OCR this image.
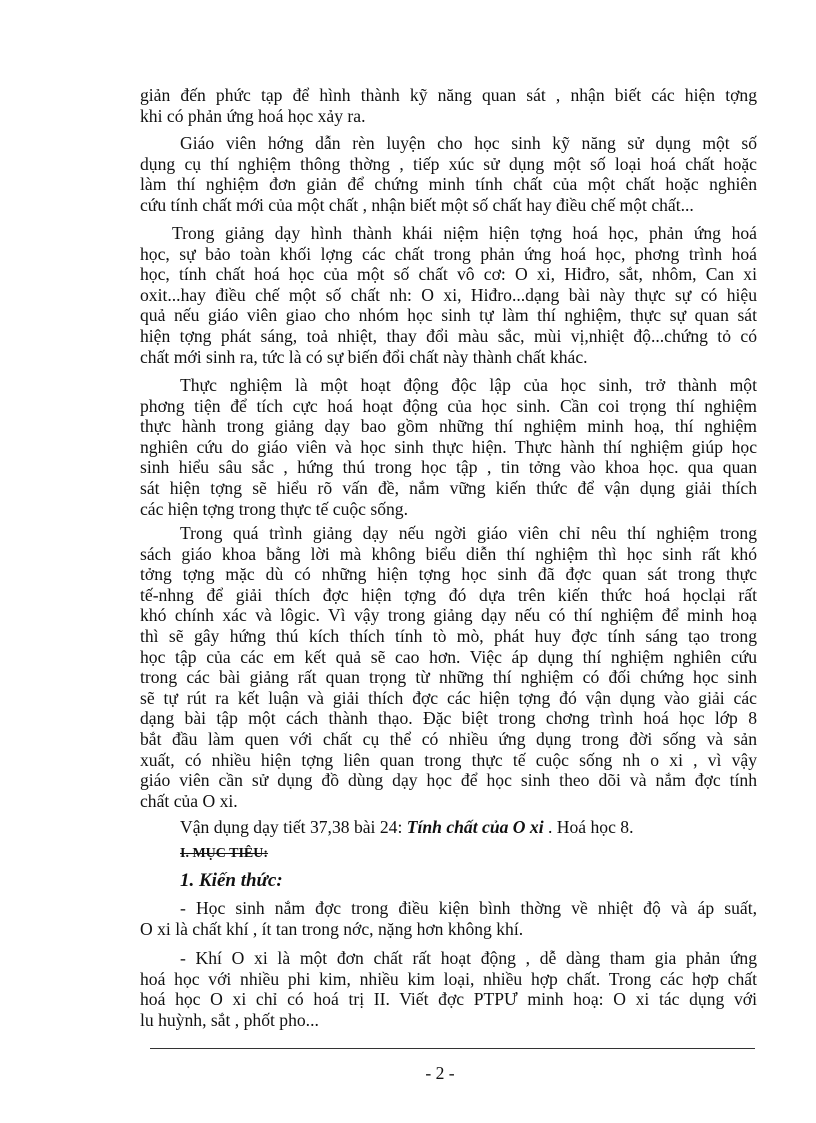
giản đến phức tạp để hình thành kỹ năng quan sát , nhận biết các hiện tợng
khi có phản ứng hoá học xảy ra.
Giáo viên hớng dẫn rèn luyện cho học sinh kỹ năng sử dụng một số
dụng cụ thí nghiệm thông thờng , tiếp xúc sử dụng một số loại hoá chất hoặc
làm thí nghiệm đơn giản để chứng minh tính chất của một chất hoặc nghiên
cứu tính chất mới của một chất , nhận biết một số chất hay điều chế một chất...
Trong giảng dạy hình thành khái niệm hiện tợng hoá học, phản ứng hoá
học, sự bảo toàn khối lợng các chất trong phản ứng hoá học, phơng trình hoá
học, tính chất hoá học của một số chất vô cơ: O xi, Hiđro, sắt, nhôm, Can xi
oxit...hay điều chế một số chất nh: O xi, Hiđro...dạng bài này thực sự có hiệu
quả nếu giáo viên giao cho nhóm học sinh tự làm thí nghiệm, thực sự quan sát
hiện tợng phát sáng, toả nhiệt, thay đổi màu sắc, mùi vị,nhiệt độ...chứng tỏ có
chất mới sinh ra, tức là có sự biến đổi chất này thành chất khác.
Thực nghiệm là một hoạt động độc lập của học sinh, trở thành một
phơng tiện để tích cực hoá hoạt động của học sinh. Cần coi trọng thí nghiệm
thực hành trong giảng dạy bao gồm những thí nghiệm minh hoạ, thí nghiệm
nghiên cứu do giáo viên và học sinh thực hiện. Thực hành thí nghiệm giúp học
sinh hiểu sâu sắc , hứng thú trong học tập , tin tởng vào khoa học. qua quan
sát hiện tợng sẽ hiểu rõ vấn đề, nắm vững kiến thức để vận dụng giải thích
các hiện tợng trong thực tế cuộc sống.
Trong quá trình giảng dạy nếu ngời giáo viên chỉ nêu thí nghiệm trong
sách giáo khoa bằng lời mà không biểu diễn thí nghiệm thì học sinh rất khó
tởng tợng mặc dù có những hiện tợng học sinh đã đợc quan sát trong thực
tế-nhng để giải thích đợc hiện tợng đó dựa trên kiến thức hoá họclại rất
khó chính xác và lôgic. Vì vậy trong giảng dạy nếu có thí nghiệm để minh hoạ
thì sẽ gây hứng thú kích thích tính tò mò, phát huy đợc tính sáng tạo trong
học tập của các em kết quả sẽ cao hơn. Việc áp dụng thí nghiệm nghiên cứu
trong các bài giảng rất quan trọng từ những thí nghiệm có đối chứng học sinh
sẽ tự rút ra kết luận và giải thích đợc các hiện tợng đó vận dụng vào giải các
dạng bài tập một cách thành thạo. Đặc biệt trong chơng trình hoá học lớp 8
bắt đầu làm quen với chất cụ thể có nhiều ứng dụng trong đời sống và sản
xuất, có nhiều hiện tợng liên quan trong thực tế cuộc sống nh o xi , vì vậy
giáo viên cần sử dụng đồ dùng dạy học để học sinh theo dõi và nắm đợc tính
chất của O xi.
Vận dụng dạy tiết 37,38 bài 24: Tính chất của O xi . Hoá học 8.
I. MỤC TIÊU:
1. Kiến thức:
- Học sinh nắm đợc trong điều kiện bình thờng về nhiệt độ và áp suất,
O xi là chất khí , ít tan trong nớc, nặng hơn không khí.
- Khí O xi là một đơn chất rất hoạt động , dễ dàng tham gia phản ứng
hoá học với nhiều phi kim, nhiều kim loại, nhiều hợp chất. Trong các hợp chất
hoá học O xi chỉ có hoá trị II. Viết đợc PTPƯ minh hoạ: O xi tác dụng với
lu huỳnh, sắt , phốt pho...
- 2 -
